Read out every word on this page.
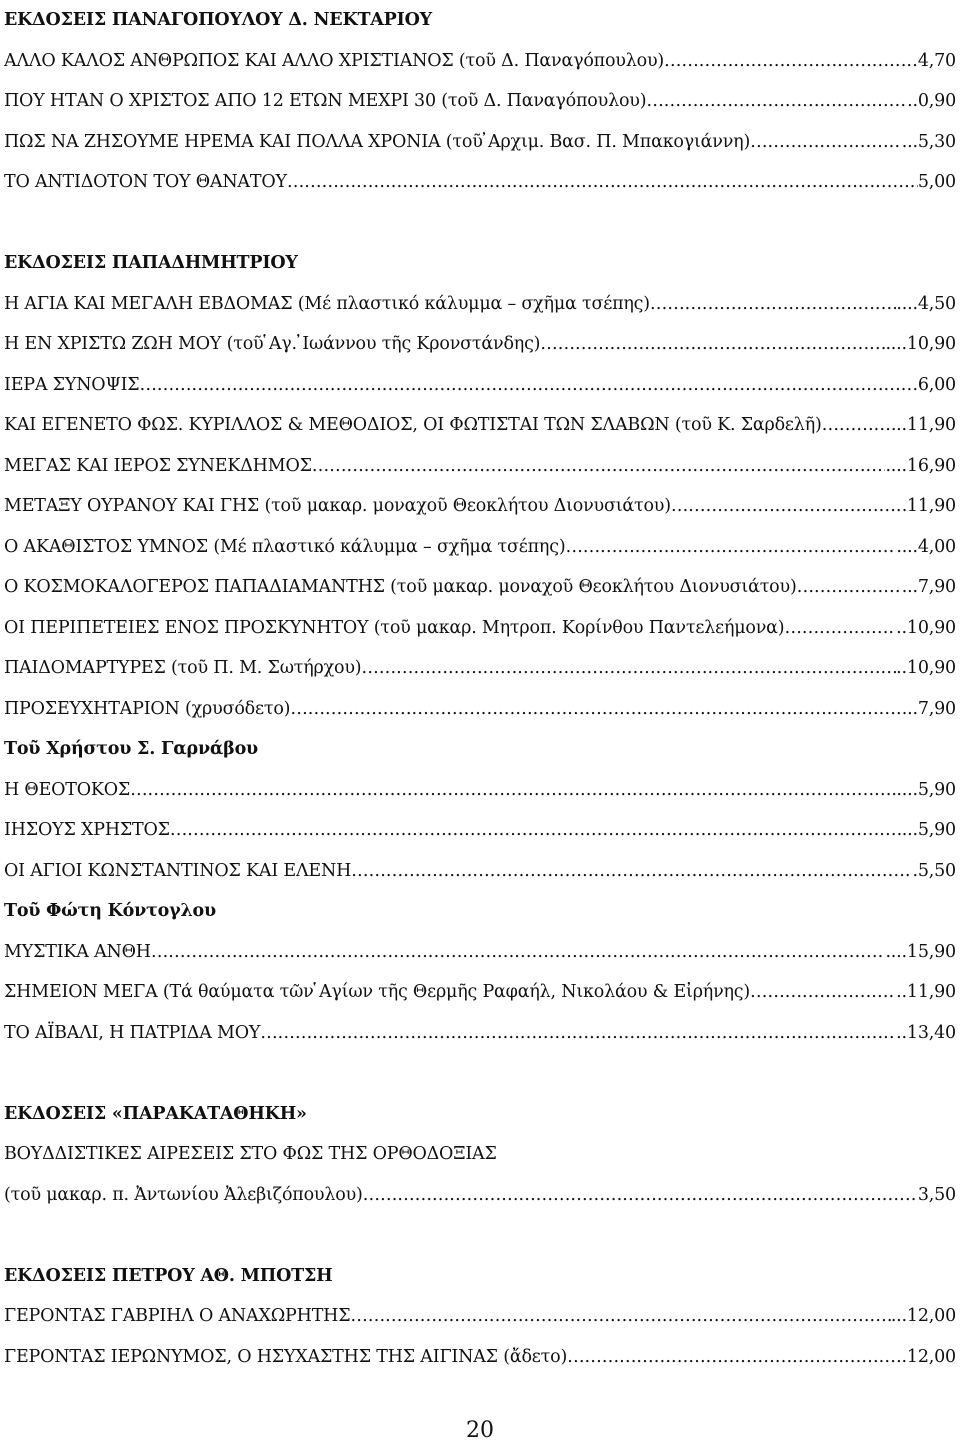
ΕΚΔΟΣΕΙΣ ΠΑΝΑΓΟΠΟΥΛΟΥ Δ. ΝΕΚΤΑΡΙΟΥ
ΑΛΛΟ ΚΑΛΟΣ ΑΝΘΡΩΠΟΣ ΚΑΙ ΑΛΛΟ ΧΡΙΣΤΙΑΝΟΣ (τοῦ Δ. Παναγόπουλου) ……………………………………………………………………………………………………………………………………………………………………………………………………	4,70
ΠΟΥ ΗΤΑΝ Ο ΧΡΙΣΤΟΣ ΑΠΟ 12 ΕΤΩΝ ΜΕΧΡΙ 30 (τοῦ Δ. Παναγόπουλου) ……………………………………………………………………………………………………………………………………………………………………………………………………	..0,90
ΠΩΣ ΝΑ ΖΗΣΟΥΜΕ ΗΡΕΜΑ ΚΑΙ ΠΟΛΛΑ ΧΡΟΝΙΑ (τοῦ ̓Αρχιμ. Βασ. Π. Μπακογιάννη) ……………………………………………………………………………………………………………………………………………………………………………………………………	...5,30
ΤΟ ΑΝΤΙΔΟΤΟΝ ΤΟΥ ΘΑΝΑΤΟΥ ……………………………………………………………………………………………………………………………………………………………………………………………………	5,00
ΕΚΔΟΣΕΙΣ ΠΑΠΑΔΗΜΗΤΡΙΟΥ
Η ΑΓΙΑ ΚΑΙ ΜΕΓΑΛΗ ΕΒΔΟΜΑΣ (Μέ πλαστικό κάλυμμα – σχῆμα τσέπης) ……………………………………………………………………………………………………………………………………………………………………………………………………	....4,50
Η ΕΝ ΧΡΙΣΤΩ ΖΩΗ ΜΟΥ (τοῦ ̔Αγ. ̓Ιωάννου τῆς Κρονστάνδης) ……………………………………………………………………………………………………………………………………………………………………………………………………	....10,90
ΙΕΡΑ ΣΥΝΟΨΙΣ ……………………………………………………………………………………………………………………………………………………………………………………………………	.6,00
ΚΑΙ ΕΓΕΝΕΤΟ ΦΩΣ. ΚΥΡΙΛΛΟΣ & ΜΕΘΟΔΙΟΣ, ΟΙ ΦΩΤΙΣΤΑΙ ΤΩΝ ΣΛΑΒΩΝ (τοῦ Κ. Σαρδελῆ) ……………………………………………………………………………………………………………………………………………………………………………………………………	..11,90
ΜΕΓΑΣ ΚΑΙ ΙΕΡΟΣ ΣΥΝΕΚΔΗΜΟΣ ……………………………………………………………………………………………………………………………………………………………………………………………………	....16,90
ΜΕΤΑΞΥ ΟΥΡΑΝΟΥ ΚΑΙ ΓΗΣ (τοῦ μακαρ. μοναχοῦ Θεοκλήτου Διονυσιάτου) ……………………………………………………………………………………………………………………………………………………………………………………………………	11,90
Ο ΑΚΑΘΙΣΤΟΣ ΥΜΝΟΣ (Μέ πλαστικό κάλυμμα – σχῆμα τσέπης) ……………………………………………………………………………………………………………………………………………………………………………………………………	....4,00
Ο ΚΟΣΜΟΚΑΛΟΓΕΡΟΣ ΠΑΠΑΔΙΑΜΑΝΤΗΣ (τοῦ μακαρ. μοναχοῦ Θεοκλήτου Διονυσιάτου) ……………………………………………………………………………………………………………………………………………………………………………………………………	...7,90
ΟΙ ΠΕΡΙΠΕΤΕΙΕΣ ΕΝΟΣ ΠΡΟΣΚΥΝΗΤΟΥ (τοῦ μακαρ. Μητροπ. Κορίνθου Παντελεήμονα) ……………………………………………………………………………………………………………………………………………………………………………………………………	..10,90
ΠΑΙΔΟΜΑΡΤΥΡΕΣ (τοῦ Π. Μ. Σωτήρχου) ……………………………………………………………………………………………………………………………………………………………………………………………………	..10,90
ΠΡΟΣΕΥΧΗΤΑΡΙΟΝ (χρυσόδετο) ……………………………………………………………………………………………………………………………………………………………………………………………………	...7,90
Τοῦ Χρήστου Σ. Γαρνάβου
Η ΘΕΟΤΟΚΟΣ ……………………………………………………………………………………………………………………………………………………………………………………………………	....5,90
ΙΗΣΟΥΣ ΧΡΗΣΤΟΣ ……………………………………………………………………………………………………………………………………………………………………………………………………	...5,90
ΟΙ ΑΓΙΟΙ ΚΩΝΣΤΑΝΤΙΝΟΣ ΚΑΙ ΕΛΕΝΗ ……………………………………………………………………………………………………………………………………………………………………………………………………	.5,50
Τοῦ Φώτη Κόντογλου
ΜΥΣΤΙΚΑ ΑΝΘΗ ……………………………………………………………………………………………………………………………………………………………………………………………………	....15,90
ΣΗΜΕΙΟΝ ΜΕΓΑ (Τά θαύματα τῶν ̔Αγίων τῆς Θερμῆς Ραφαήλ, Νικολάου & Εἰρήνης) ……………………………………………………………………………………………………………………………………………………………………………………………………	..11,90
ΤΟ ΑΪΒΑΛΙ, Η ΠΑΤΡΙΔΑ ΜΟΥ ……………………………………………………………………………………………………………………………………………………………………………………………………	..13,40
ΕΚΔΟΣΕΙΣ «ΠΑΡΑΚΑΤΑΘΗΚΗ»
ΒΟΥΔΔΙΣΤΙΚΕΣ ΑΙΡΕΣΕΙΣ ΣΤΟ ΦΩΣ ΤΗΣ ΟΡΘΟΔΟΞΙΑΣ
(τοῦ μακαρ. π. Ἀντωνίου Ἀλεβιζόπουλου) ……………………………………………………………………………………………………………………………………………………………………………………………………	3,50
ΕΚΔΟΣΕΙΣ ΠΕΤΡΟΥ ΑΘ. ΜΠΟΤΣΗ
ΓΕΡΟΝΤΑΣ ΓΑΒΡΙΗΛ Ο ΑΝΑΧΩΡΗΤΗΣ ……………………………………………………………………………………………………………………………………………………………………………………………………	...12,00
ΓΕΡΟΝΤΑΣ ΙΕΡΩΝΥΜΟΣ, Ο ΗΣΥΧΑΣΤΗΣ ΤΗΣ ΑΙΓΙΝΑΣ (ἄδετο) ……………………………………………………………………………………………………………………………………………………………………………………………………	..12,00
20
